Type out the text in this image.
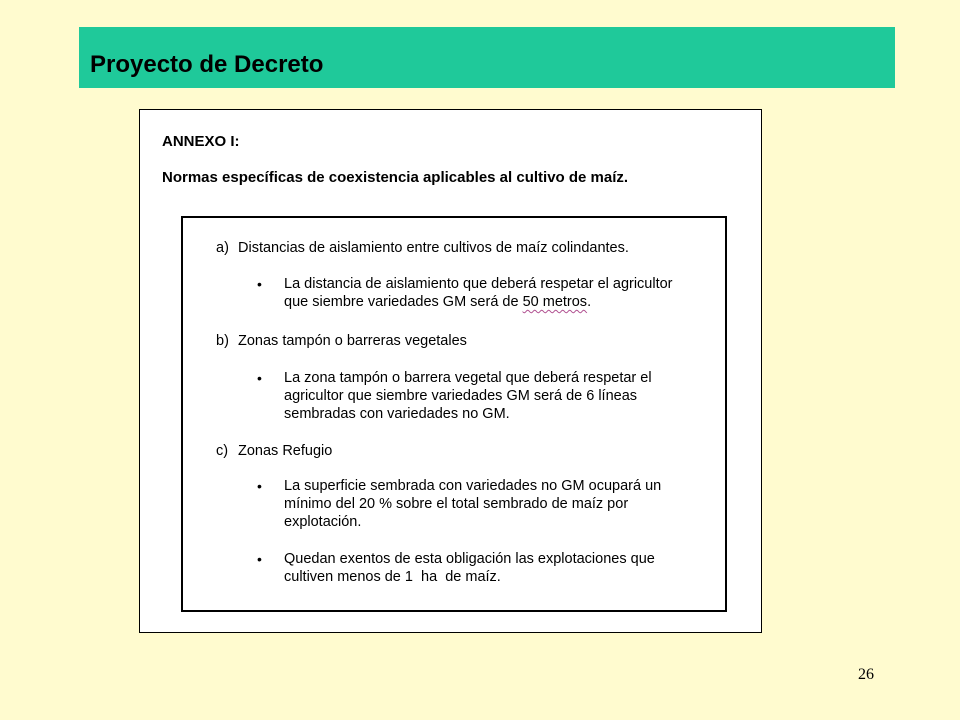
Proyecto de Decreto
ANNEXO I:
Normas específicas de coexistencia aplicables al cultivo de maíz.
a) Distancias de aislamiento entre cultivos de maíz colindantes.
• La distancia de aislamiento que deberá respetar el agricultor
que siembre variedades GM será de 50 metros.
b) Zonas tampón o barreras vegetales
• La zona tampón o barrera vegetal que deberá respetar el
agricultor que siembre variedades GM será de 6 líneas
sembradas con variedades no GM.
c) Zonas Refugio
• La superficie sembrada con variedades no GM ocupará un
mínimo del 20 % sobre el total sembrado de maíz por
explotación.
• Quedan exentos de esta obligación las explotaciones que
cultiven menos de 1  ha  de maíz.
26
